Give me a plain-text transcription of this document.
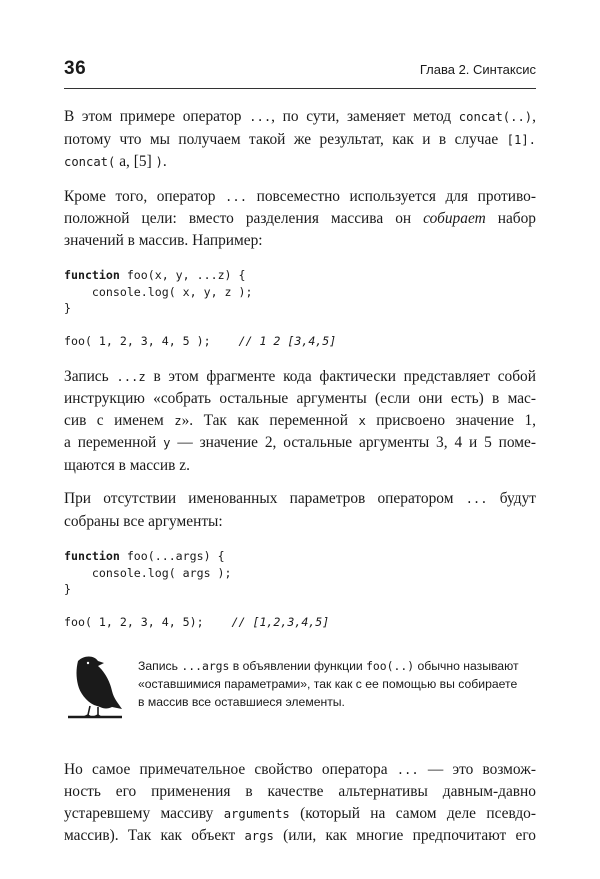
36	Глава 2. Синтаксис

В этом примере оператор ..., по сути, заменяет метод concat(..),
потому что мы получаем такой же результат, как и в случае [1].
concat( a, [5] ).

Кроме того, оператор ... повсеместно используется для противо-
положной цели: вместо разделения массива он собирает набор
значений в массив. Например:

function foo(x, y, ...z) {
console.log( x, y, z );
}

foo( 1, 2, 3, 4, 5 );    // 1 2 [3,4,5]

Запись ...z в этом фрагменте кода фактически представляет собой
инструкцию «собрать остальные аргументы (если они есть) в мас-
сив с именем z». Так как переменной x присвоено значение 1,
а переменной y — значение 2, остальные аргументы 3, 4 и 5 поме-
щаются в массив z.

При отсутствии именованных параметров оператором ... будут
собраны все аргументы:

function foo(...args) {
console.log( args );
}

foo( 1, 2, 3, 4, 5);    // [1,2,3,4,5]
Запись ...args в объявлении функции foo(..) обычно называют
«оставшимися параметрами», так как с ее помощью вы собираете
в массив все оставшиеся элементы.

Но самое примечательное свойство оператора ... — это возмож-
ность его применения в качестве альтернативы давным-давно
устаревшему массиву arguments (который на самом деле псевдо-
массив). Так как объект args (или, как многие предпочитают его
